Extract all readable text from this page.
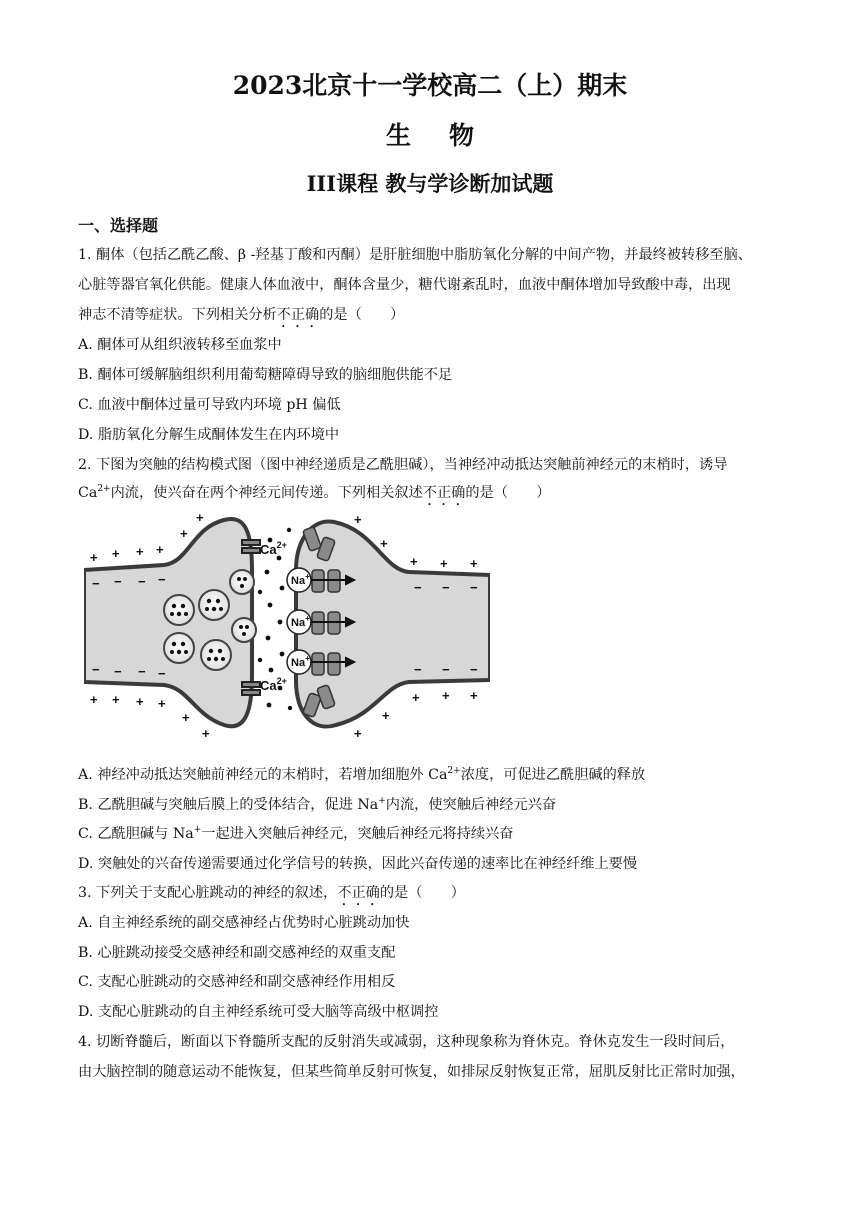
2023北京十一学校高二（上）期末
生物
III课程 教与学诊断加试题
一、选择题
1. 酮体（包括乙酰乙酸、β -羟基丁酸和丙酮）是肝脏细胞中脂肪氧化分解的中间产物，并最终被转移至脑、
心脏等器官氧化供能。健康人体血液中，酮体含量少，糖代谢紊乱时，血液中酮体增加导致酸中毒，出现
神志不清等症状。下列相关分析不正确的是（　　）
A. 酮体可从组织液转移至血浆中
B. 酮体可缓解脑组织利用葡萄糖障碍导致的脑细胞供能不足
C. 血液中酮体过量可导致内环境 pH 偏低
D. 脂肪氧化分解生成酮体发生在内环境中
2. 下图为突触的结构模式图（图中神经递质是乙酰胆碱），当神经冲动抵达突触前神经元的末梢时，诱导
$Ca^{2+}$内流，使兴奋在两个神经元间传递。下列相关叙述不正确的是（　　）
$Ca^{2+}$
$Ca^{2+}$
Na+
Na+
Na+
+ + + +
+
+
− − − −
+ + + +
+
+
− − − −
+
+
+ + +
− − −
+
+
+ + +
− − −
A. 神经冲动抵达突触前神经元的末梢时，若增加细胞外 $Ca^{2+}$浓度，可促进乙酰胆碱的释放
B. 乙酰胆碱与突触后膜上的受体结合，促进 Na+内流，使突触后神经元兴奋
C. 乙酰胆碱与 Na+一起进入突触后神经元，突触后神经元将持续兴奋
D. 突触处的兴奋传递需要通过化学信号的转换，因此兴奋传递的速率比在神经纤维上要慢
3. 下列关于支配心脏跳动的神经的叙述，不正确的是（　　）
A. 自主神经系统的副交感神经占优势时心脏跳动加快
B. 心脏跳动接受交感神经和副交感神经的双重支配
C. 支配心脏跳动的交感神经和副交感神经作用相反
D. 支配心脏跳动的自主神经系统可受大脑等高级中枢调控
4. 切断脊髓后，断面以下脊髓所支配的反射消失或减弱，这种现象称为脊休克。脊休克发生一段时间后，
由大脑控制的随意运动不能恢复，但某些简单反射可恢复，如排尿反射恢复正常，屈肌反射比正常时加强，
